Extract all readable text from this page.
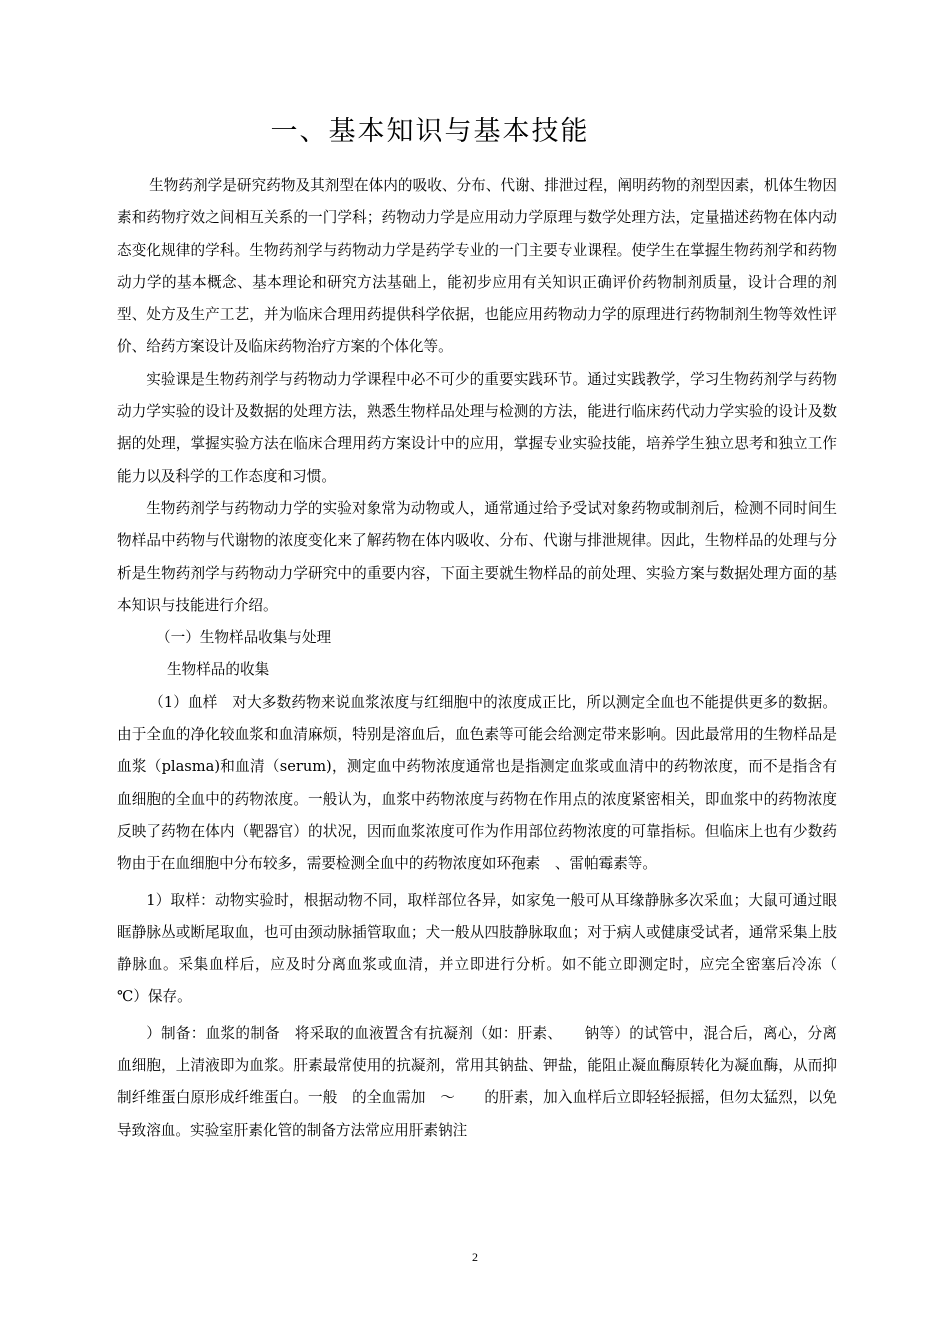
一、基本知识与基本技能

生物药剂学是研究药物及其剂型在体内的吸收、分布、代谢、排泄过程，阐明药物的剂型因素，机体生物因素和药物疗效之间相互关系的一门学科；药物动力学是应用动力学原理与数学处理方法，定量描述药物在体内动态变化规律的学科。生物药剂学与药物动力学是药学专业的一门主要专业课程。使学生在掌握生物药剂学和药物动力学的基本概念、基本理论和研究方法基础上，能初步应用有关知识正确评价药物制剂质量，设计合理的剂型、处方及生产工艺，并为临床合理用药提供科学依据，也能应用药物动力学的原理进行药物制剂生物等效性评价、给药方案设计及临床药物治疗方案的个体化等。

实验课是生物药剂学与药物动力学课程中必不可少的重要实践环节。通过实践教学，学习生物药剂学与药物动力学实验的设计及数据的处理方法，熟悉生物样品处理与检测的方法，能进行临床药代动力学实验的设计及数据的处理，掌握实验方法在临床合理用药方案设计中的应用，掌握专业实验技能，培养学生独立思考和独立工作能力以及科学的工作态度和习惯。

生物药剂学与药物动力学的实验对象常为动物或人，通常通过给予受试对象药物或制剂后，检测不同时间生物样品中药物与代谢物的浓度变化来了解药物在体内吸收、分布、代谢与排泄规律。因此，生物样品的处理与分析是生物药剂学与药物动力学研究中的重要内容，下面主要就生物样品的前处理、实验方案与数据处理方面的基本知识与技能进行介绍。

（一）生物样品收集与处理

生物样品的收集

（1）血样　对大多数药物来说血浆浓度与红细胞中的浓度成正比，所以测定全血也不能提供更多的数据。由于全血的净化较血浆和血清麻烦，特别是溶血后，血色素等可能会给测定带来影响。因此最常用的生物样品是血浆（plasma)和血清（serum)，测定血中药物浓度通常也是指测定血浆或血清中的药物浓度，而不是指含有血细胞的全血中的药物浓度。一般认为，血浆中药物浓度与药物在作用点的浓度紧密相关，即血浆中的药物浓度反映了药物在体内（靶器官）的状况，因而血浆浓度可作为作用部位药物浓度的可靠指标。但临床上也有少数药物由于在血细胞中分布较多，需要检测全血中的药物浓度如环孢素　、雷帕霉素等。

1）取样：动物实验时，根据动物不同，取样部位各异，如家兔一般可从耳缘静脉多次采血；大鼠可通过眼眶静脉丛或断尾取血，也可由颈动脉插管取血；犬一般从四肢静脉取血；对于病人或健康受试者，通常采集上肢静脉血。采集血样后，应及时分离血浆或血清，并立即进行分析。如不能立即测定时，应完全密塞后冷冻（　℃）保存。

）制备：血浆的制备　将采取的血液置含有抗凝剂（如：肝素、　　钠等）的试管中，混合后，离心，分离血细胞，上清液即为血浆。肝素最常使用的抗凝剂，常用其钠盐、钾盐，能阻止凝血酶原转化为凝血酶，从而抑制纤维蛋白原形成纤维蛋白。一般　的全血需加　～　　的肝素，加入血样后立即轻轻振摇，但勿太猛烈，以免导致溶血。实验室肝素化管的制备方法常应用肝素钠注

2
